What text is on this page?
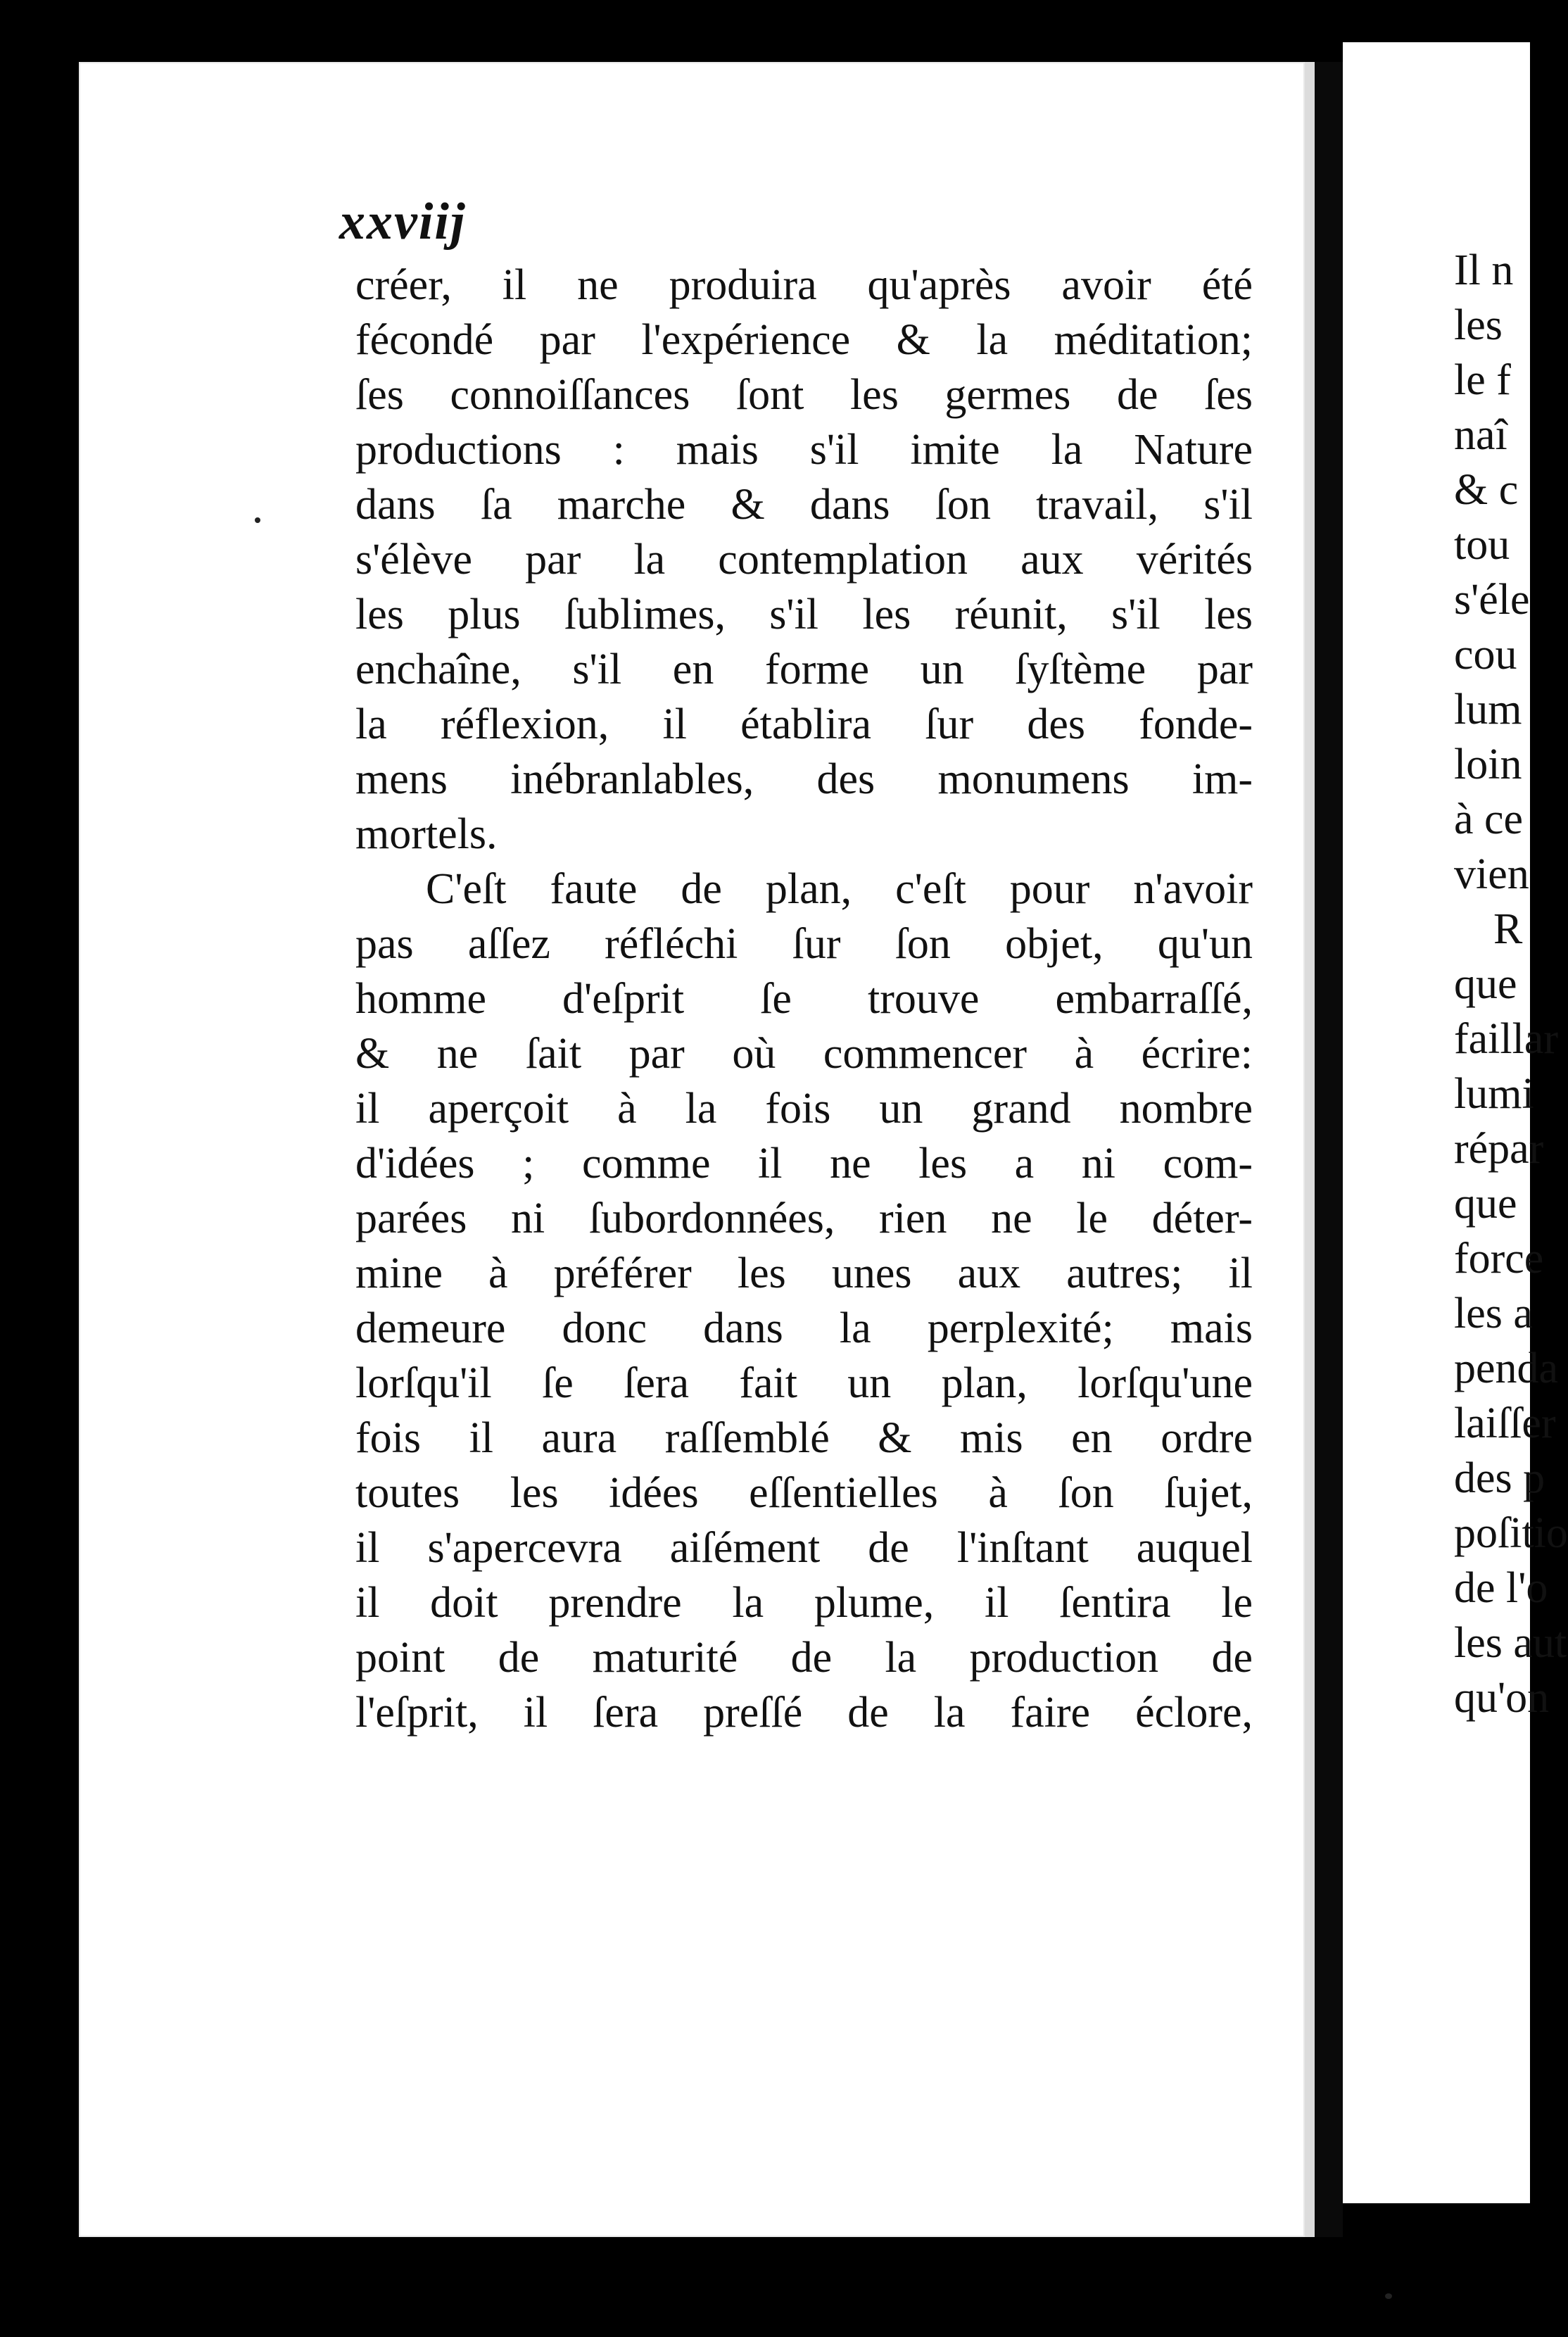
xxviij
créer, il ne produira qu'après avoir été
fécondé par l'expérience & la méditation;
ſes connoiſſances ſont les germes de ſes
productions : mais s'il imite la Nature
dans ſa marche & dans ſon travail, s'il
s'élève par la contemplation aux vérités
les plus ſublimes, s'il les réunit, s'il les
enchaîne, s'il en forme un ſyſtème par
la réflexion, il établira ſur des fonde-
mens inébranlables, des monumens im-
mortels.
C'eſt faute de plan, c'eſt pour n'avoir
pas aſſez réfléchi ſur ſon objet, qu'un
homme d'eſprit ſe trouve embarraſſé,
& ne ſait par où commencer à écrire:
il aperçoit à la fois un grand nombre
d'idées ; comme il ne les a ni com-
parées ni ſubordonnées, rien ne le déter-
mine à préférer les unes aux autres; il
demeure donc dans la perplexité; mais
lorſqu'il ſe ſera fait un plan, lorſqu'une
fois il aura raſſemblé & mis en ordre
toutes les idées eſſentielles à ſon ſujet,
il s'apercevra aiſément de l'inſtant auquel
il doit prendre la plume, il ſentira le
point de maturité de la production de
l'eſprit, il ſera preſſé de la faire éclore,
Il n
les
le f
naî
& c
tou
s'éle
cou
lum
loin
à ce
vien
R
que
faillar
lumi
répar
que
force
les a
penda
laiſſer
des p
poſitio
de l'o
les aut
qu'on
